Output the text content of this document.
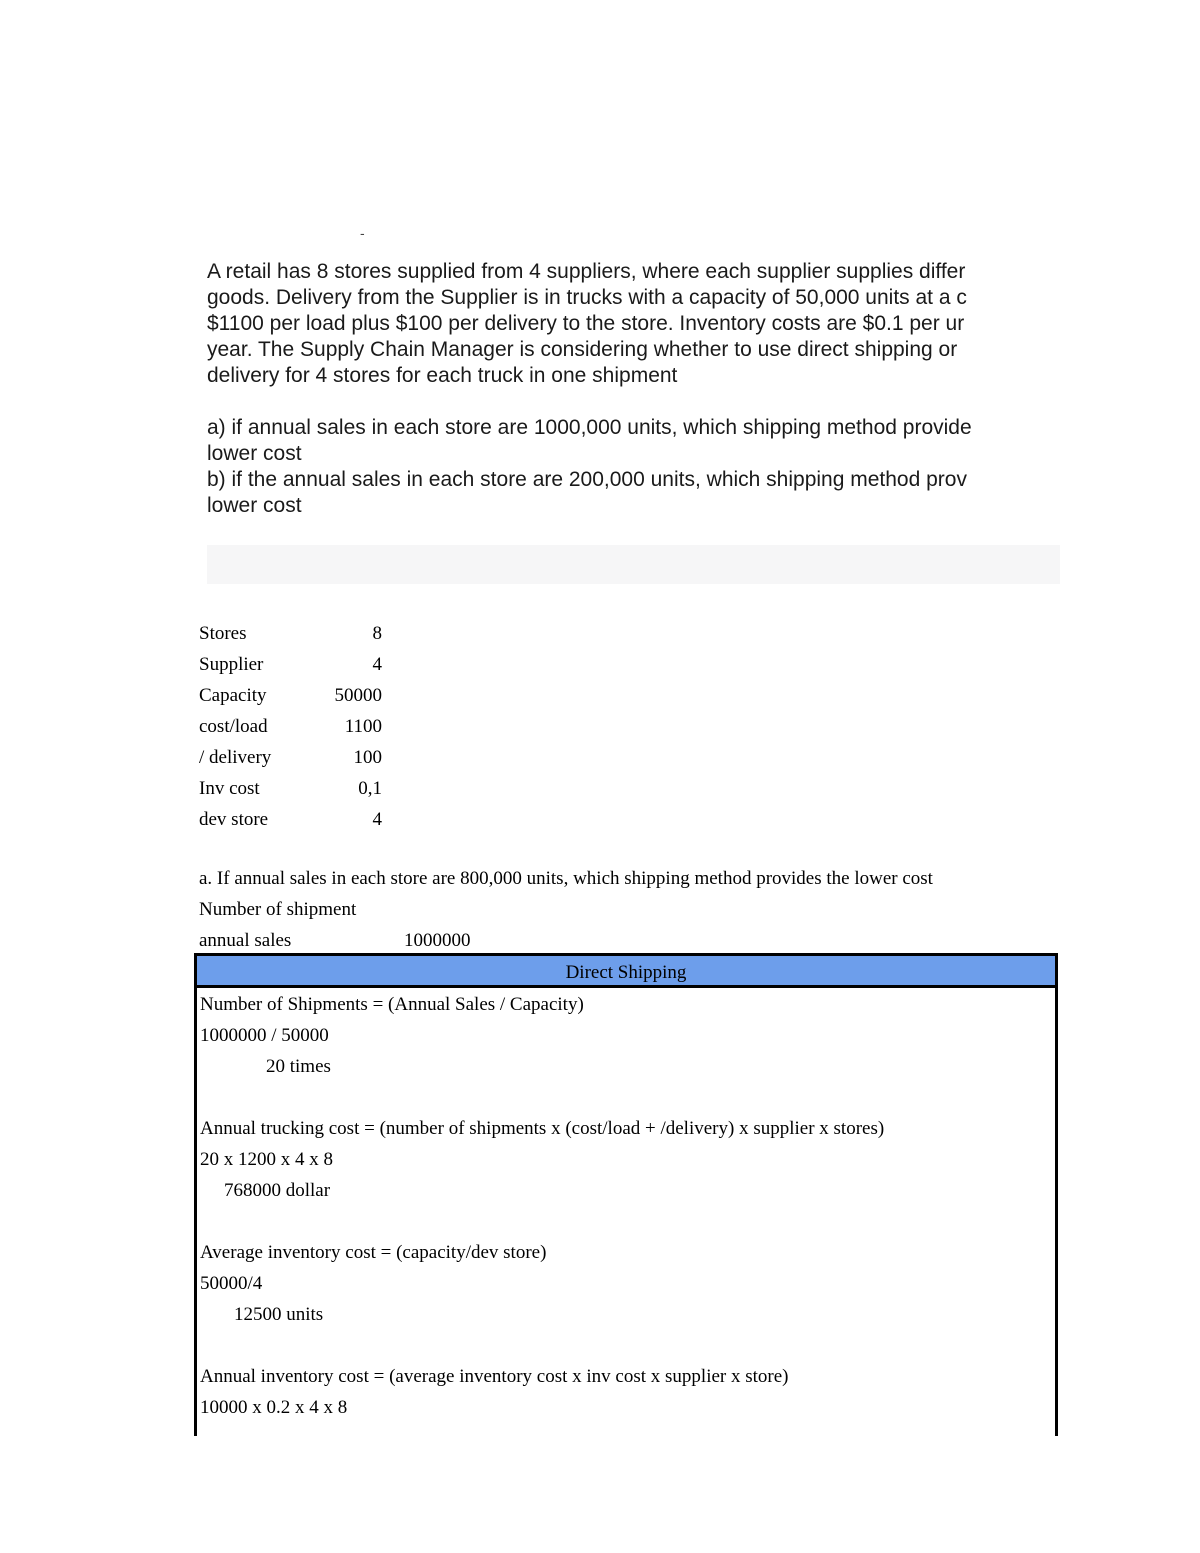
-
A retail has 8 stores supplied from 4 suppliers, where each supplier supplies differ
goods. Delivery from the Supplier is in trucks with a capacity of 50,000 units at a c
$1100 per load plus $100 per delivery to the store. Inventory costs are $0.1 per ur
year. The Supply Chain Manager is considering whether to use direct shipping or
delivery for 4 stores for each truck in one shipment
a) if annual sales in each store are 1000,000 units, which shipping method provide
lower cost
b) if the annual sales in each store are 200,000 units, which shipping method prov
lower cost
Stores	8
Supplier	4
Capacity	50000
cost/load	1100
/ delivery	100
Inv cost	0,1
dev store	4
a. If annual sales in each store are 800,000 units, which shipping method provides the lower cost
Number of shipment
annual sales	1000000
Direct Shipping
Number of Shipments = (Annual Sales / Capacity)
1000000 / 50000
20 times
Annual trucking cost = (number of shipments x (cost/load + /delivery) x supplier x stores)
20 x 1200 x 4 x 8
768000 dollar
Average inventory cost = (capacity/dev store)
50000/4
12500 units
Annual inventory cost = (average inventory cost x inv cost x supplier x store)
10000 x 0.2 x 4 x 8
